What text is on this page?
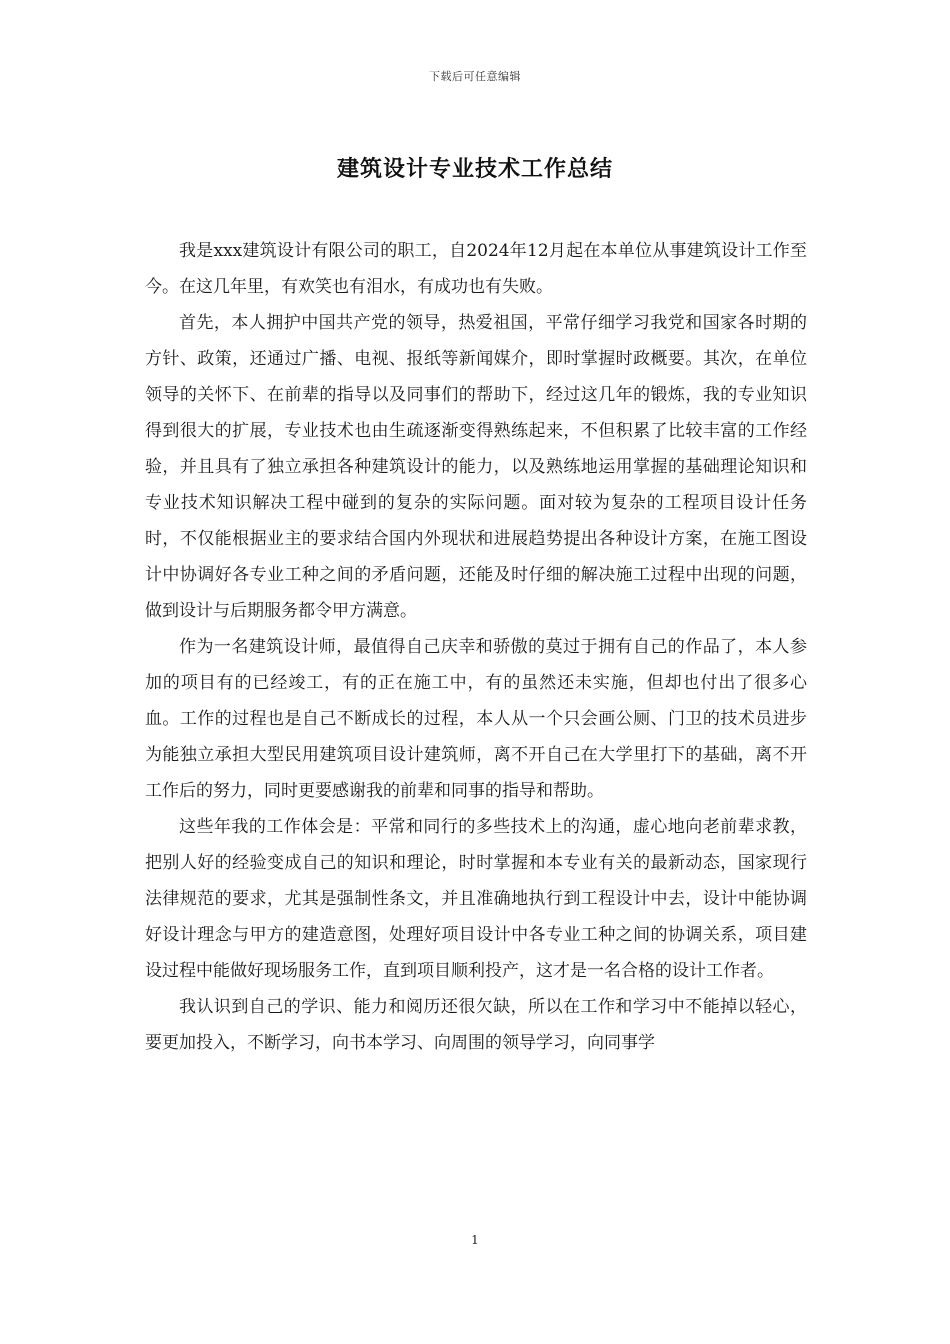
下载后可任意编辑
建筑设计专业技术工作总结

我是xxx建筑设计有限公司的职工，自2024年12月起在本单位从事建筑设计工作至今。在这几年里，有欢笑也有泪水，有成功也有失败。

首先，本人拥护中国共产党的领导，热爱祖国，平常仔细学习我党和国家各时期的方针、政策，还通过广播、电视、报纸等新闻媒介，即时掌握时政概要。其次，在单位领导的关怀下、在前辈的指导以及同事们的帮助下，经过这几年的锻炼，我的专业知识得到很大的扩展，专业技术也由生疏逐渐变得熟练起来，不但积累了比较丰富的工作经验，并且具有了独立承担各种建筑设计的能力，以及熟练地运用掌握的基础理论知识和专业技术知识解决工程中碰到的复杂的实际问题。面对较为复杂的工程项目设计任务时，不仅能根据业主的要求结合国内外现状和进展趋势提出各种设计方案，在施工图设计中协调好各专业工种之间的矛盾问题，还能及时仔细的解决施工过程中出现的问题，做到设计与后期服务都令甲方满意。

作为一名建筑设计师，最值得自己庆幸和骄傲的莫过于拥有自己的作品了，本人参加的项目有的已经竣工，有的正在施工中，有的虽然还未实施，但却也付出了很多心血。工作的过程也是自己不断成长的过程，本人从一个只会画公厕、门卫的技术员进步为能独立承担大型民用建筑项目设计建筑师，离不开自己在大学里打下的基础，离不开工作后的努力，同时更要感谢我的前辈和同事的指导和帮助。

这些年我的工作体会是：平常和同行的多些技术上的沟通，虚心地向老前辈求教，把别人好的经验变成自己的知识和理论，时时掌握和本专业有关的最新动态，国家现行法律规范的要求，尤其是强制性条文，并且准确地执行到工程设计中去，设计中能协调好设计理念与甲方的建造意图，处理好项目设计中各专业工种之间的协调关系，项目建设过程中能做好现场服务工作，直到项目顺利投产，这才是一名合格的设计工作者。

我认识到自己的学识、能力和阅历还很欠缺，所以在工作和学习中不能掉以轻心，要更加投入，不断学习，向书本学习、向周围的领导学习，向同事学

1
